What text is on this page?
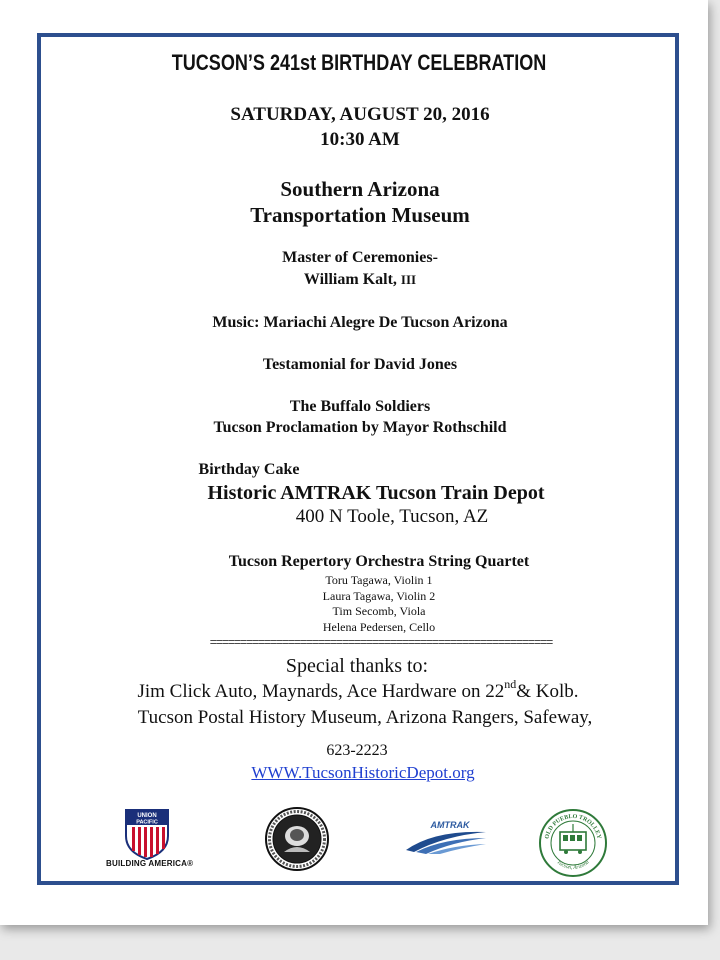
TUCSON’S 241st BIRTHDAY CELEBRATION
SATURDAY, AUGUST 20, 2016
10:30 AM
Southern Arizona
Transportation Museum
Master of Ceremonies-
William Kalt, III
Music: Mariachi Alegre De Tucson Arizona
Testamonial for David Jones
The Buffalo Soldiers
Tucson Proclamation by Mayor Rothschild
Birthday Cake
Historic AMTRAK Tucson Train Depot
400 N Toole, Tucson, AZ
Tucson Repertory Orchestra String Quartet
Toru Tagawa, Violin 1
Laura Tagawa, Violin 2
Tim Secomb, Viola
Helena Pedersen, Cello
=========================================================
Special thanks to:
Jim Click Auto, Maynards, Ace Hardware on 22nd& Kolb.
Tucson Postal History Museum, Arizona Rangers, Safeway,
623-2223
WWW.TucsonHistoricDepot.org
UNION
PACIFIC
BUILDING AMERICA®
AMTRAK
OLD PUEBLO TROLLEY
Tucson, Arizona
